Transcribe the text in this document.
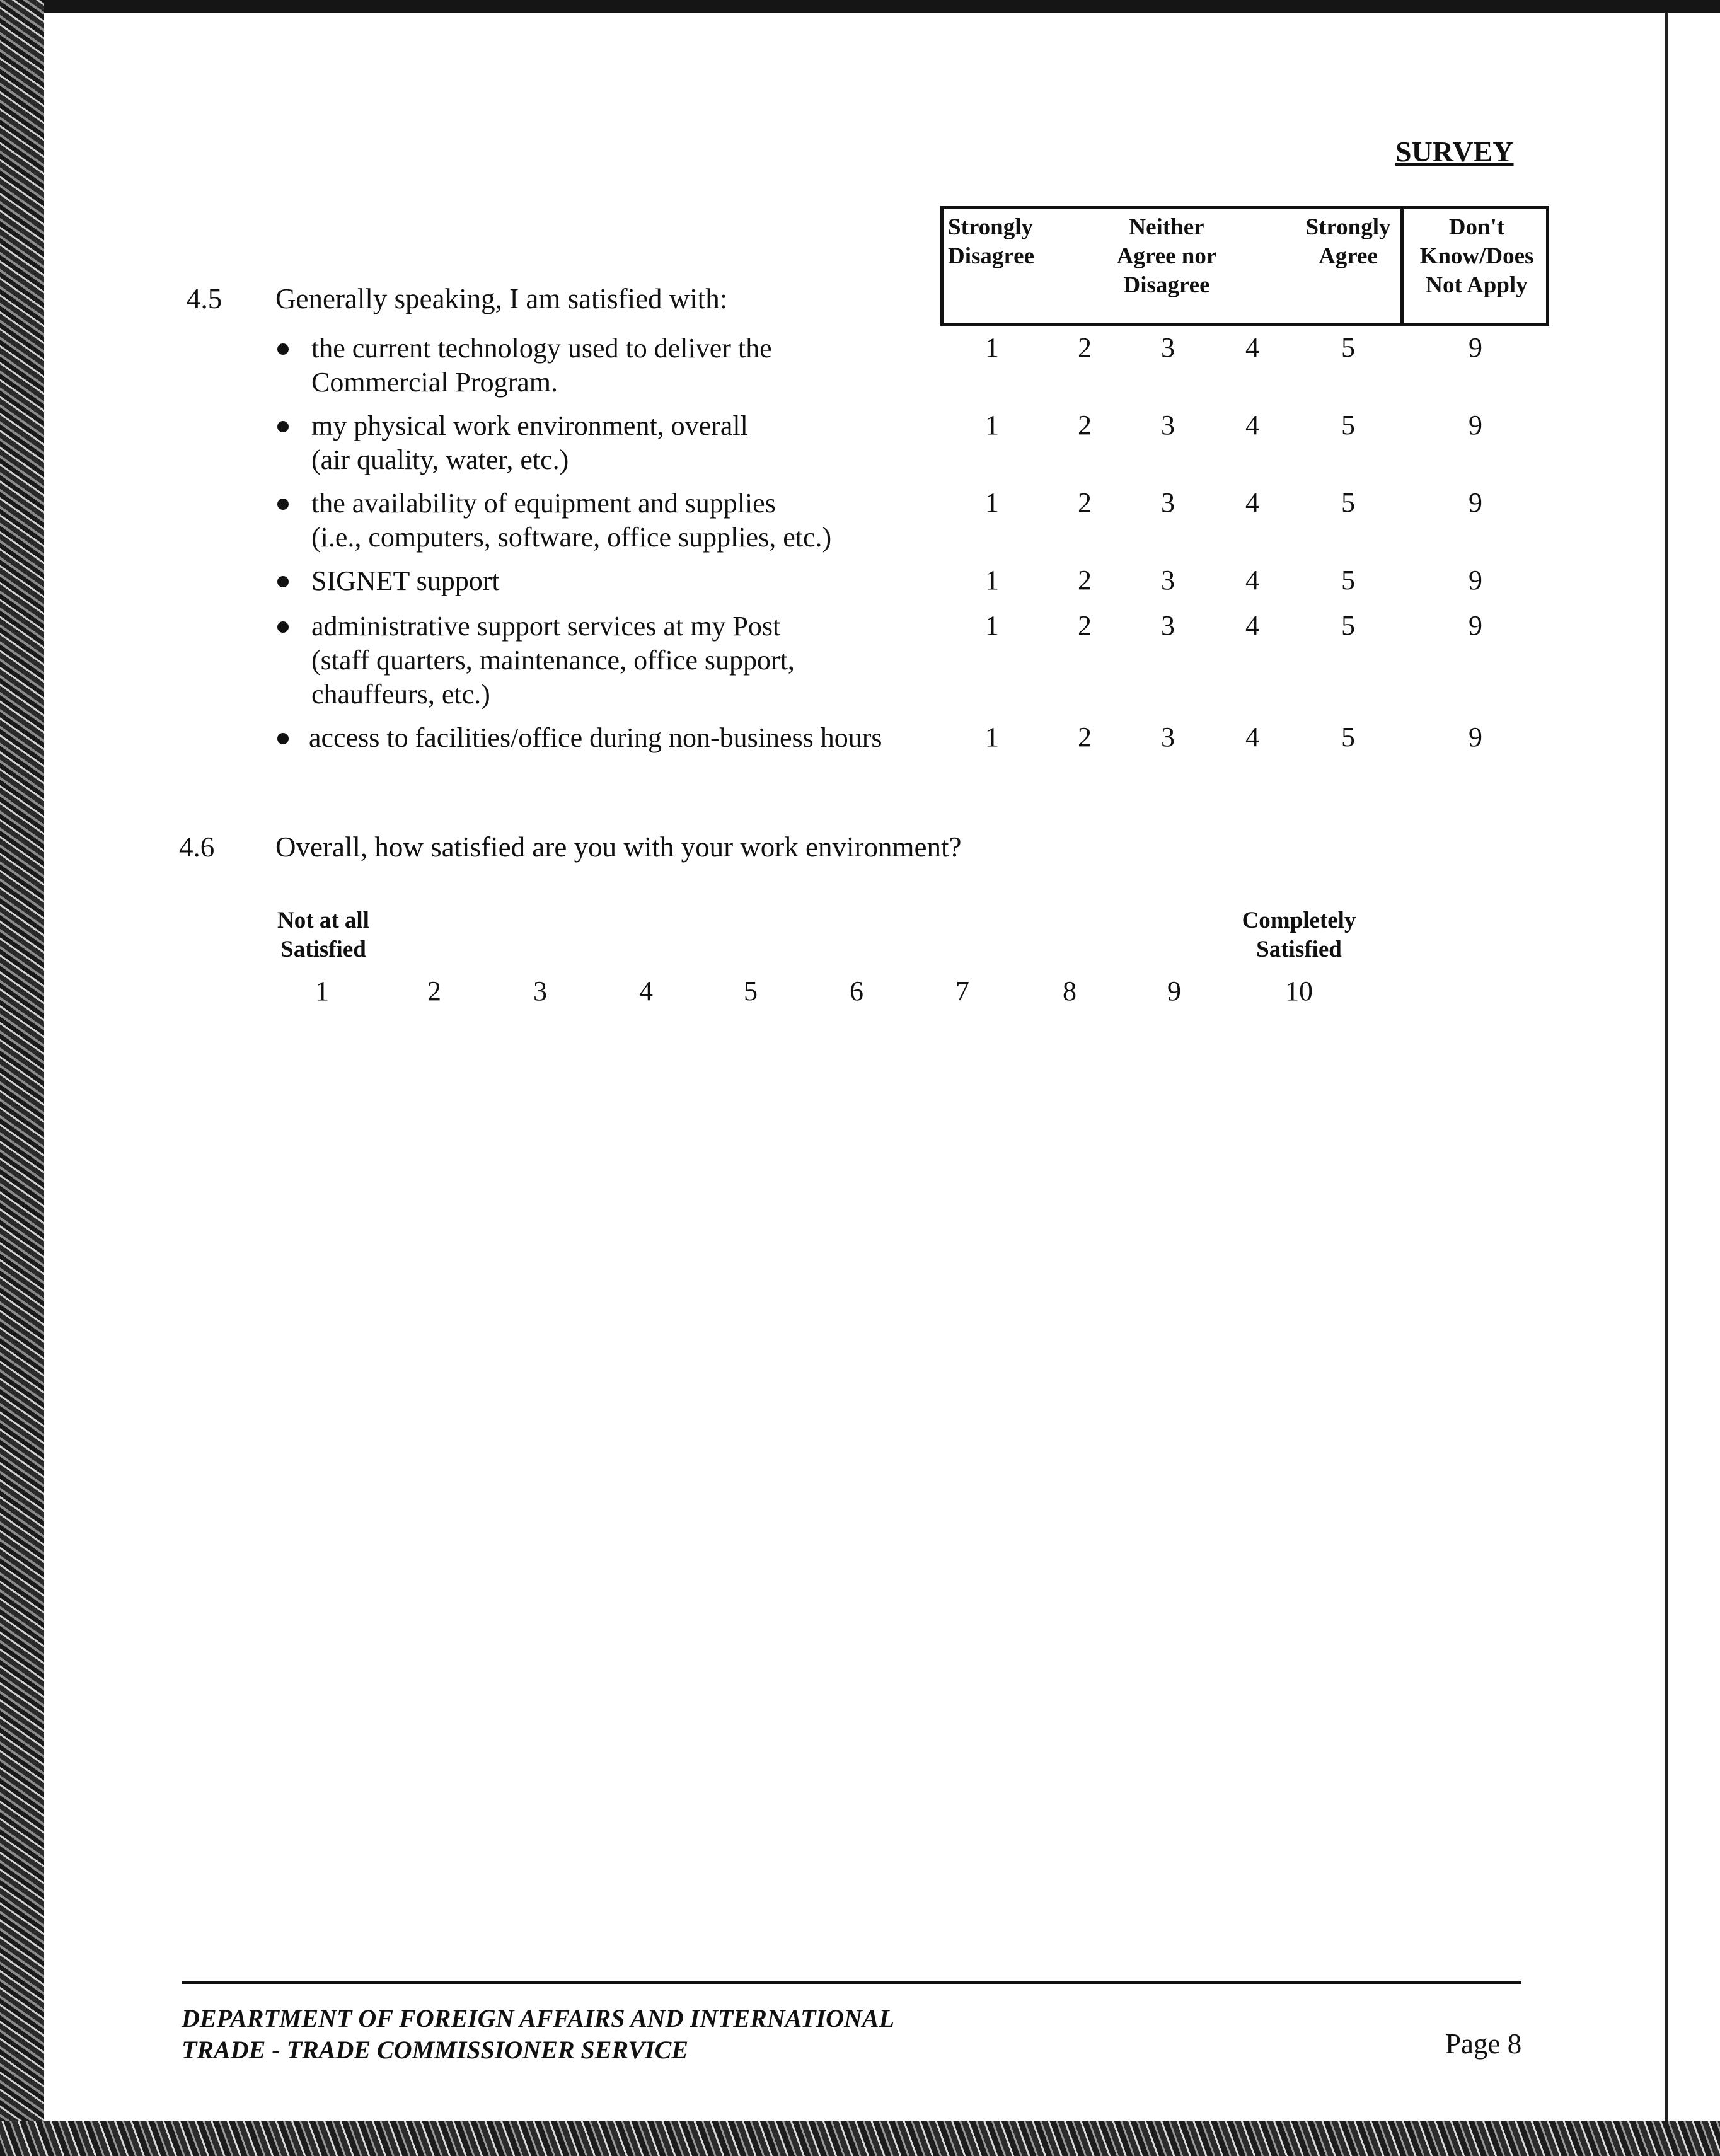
SURVEY
Strongly
Disagree
Neither
Agree nor
Disagree
Strongly
Agree
Don't
Know/Does
Not Apply
4.5 Generally speaking, I am satisfied with:
the current technology used to deliver the
Commercial Program.
1	2	3	4	5	9
my physical work environment, overall
(air quality, water, etc.)
1	2	3	4	5	9
the availability of equipment and supplies
(i.e., computers, software, office supplies, etc.)
1	2	3	4	5	9
SIGNET support	1	2	3	4	5	9
administrative support services at my Post
(staff quarters, maintenance, office support,
chauffeurs, etc.)
1	2	3	4	5	9
access to facilities/office during non-business hours	1	2	3	4	5	9
4.6 Overall, how satisfied are you with your work environment?
Not at all
Satisfied
Completely
Satisfied
1	2	3	4	5	6	7	8	9	10
DEPARTMENT OF FOREIGN AFFAIRS AND INTERNATIONAL
TRADE - TRADE COMMISSIONER SERVICE	Page 8
